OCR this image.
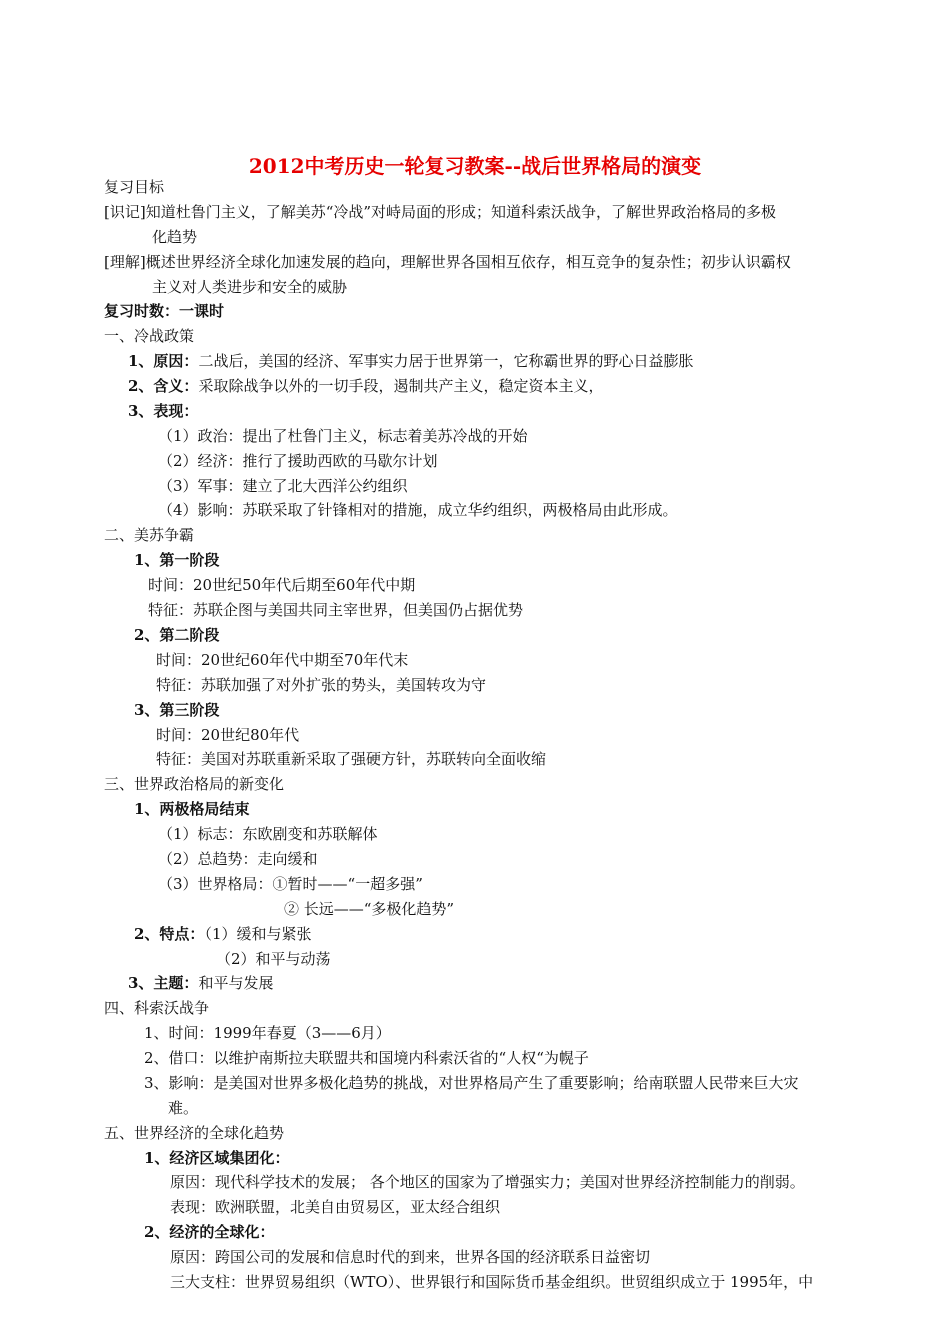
2012中考历史一轮复习教案--战后世界格局的演变
复习目标
[识记]知道杜鲁门主义，了解美苏“冷战”对峙局面的形成；知道科索沃战争，了解世界政治格局的多极
化趋势
[理解]概述世界经济全球化加速发展的趋向，理解世界各国相互依存，相互竞争的复杂性；初步认识霸权
主义对人类进步和安全的威胁
复习时数：一课时
一、冷战政策
1、原因：二战后，美国的经济、军事实力居于世界第一，它称霸世界的野心日益膨胀
2、含义：采取除战争以外的一切手段，遏制共产主义，稳定资本主义，
3、表现：
（1）政治：提出了杜鲁门主义，标志着美苏冷战的开始
（2）经济：推行了援助西欧的马歇尔计划
（3）军事：建立了北大西洋公约组织
（4）影响：苏联采取了针锋相对的措施，成立华约组织，两极格局由此形成。
二、美苏争霸
1、第一阶段
时间：20世纪50年代后期至60年代中期
特征：苏联企图与美国共同主宰世界，但美国仍占据优势
2、第二阶段
时间：20世纪60年代中期至70年代末
特征：苏联加强了对外扩张的势头，美国转攻为守
3、第三阶段
时间：20世纪80年代
特征：美国对苏联重新采取了强硬方针，苏联转向全面收缩
三、世界政治格局的新变化
1、两极格局结束
（1）标志：东欧剧变和苏联解体
（2）总趋势：走向缓和
（3）世界格局：①暂时——“一超多强”
② 长远——“多极化趋势”
2、特点：（1）缓和与紧张
（2）和平与动荡
3、主题：和平与发展
四、科索沃战争
1、时间：1999年春夏（3——6月）
2、借口：以维护南斯拉夫联盟共和国境内科索沃省的“人权“为幌子
3、影响：是美国对世界多极化趋势的挑战，对世界格局产生了重要影响；给南联盟人民带来巨大灾
难。
五、世界经济的全球化趋势
1、经济区域集团化：
原因：现代科学技术的发展； 各个地区的国家为了增强实力；美国对世界经济控制能力的削弱。
表现：欧洲联盟，北美自由贸易区，亚太经合组织
2、经济的全球化：
原因：跨国公司的发展和信息时代的到来，世界各国的经济联系日益密切
三大支柱：世界贸易组织（WTO）、世界银行和国际货币基金组织。世贸组织成立于 1995年，中
